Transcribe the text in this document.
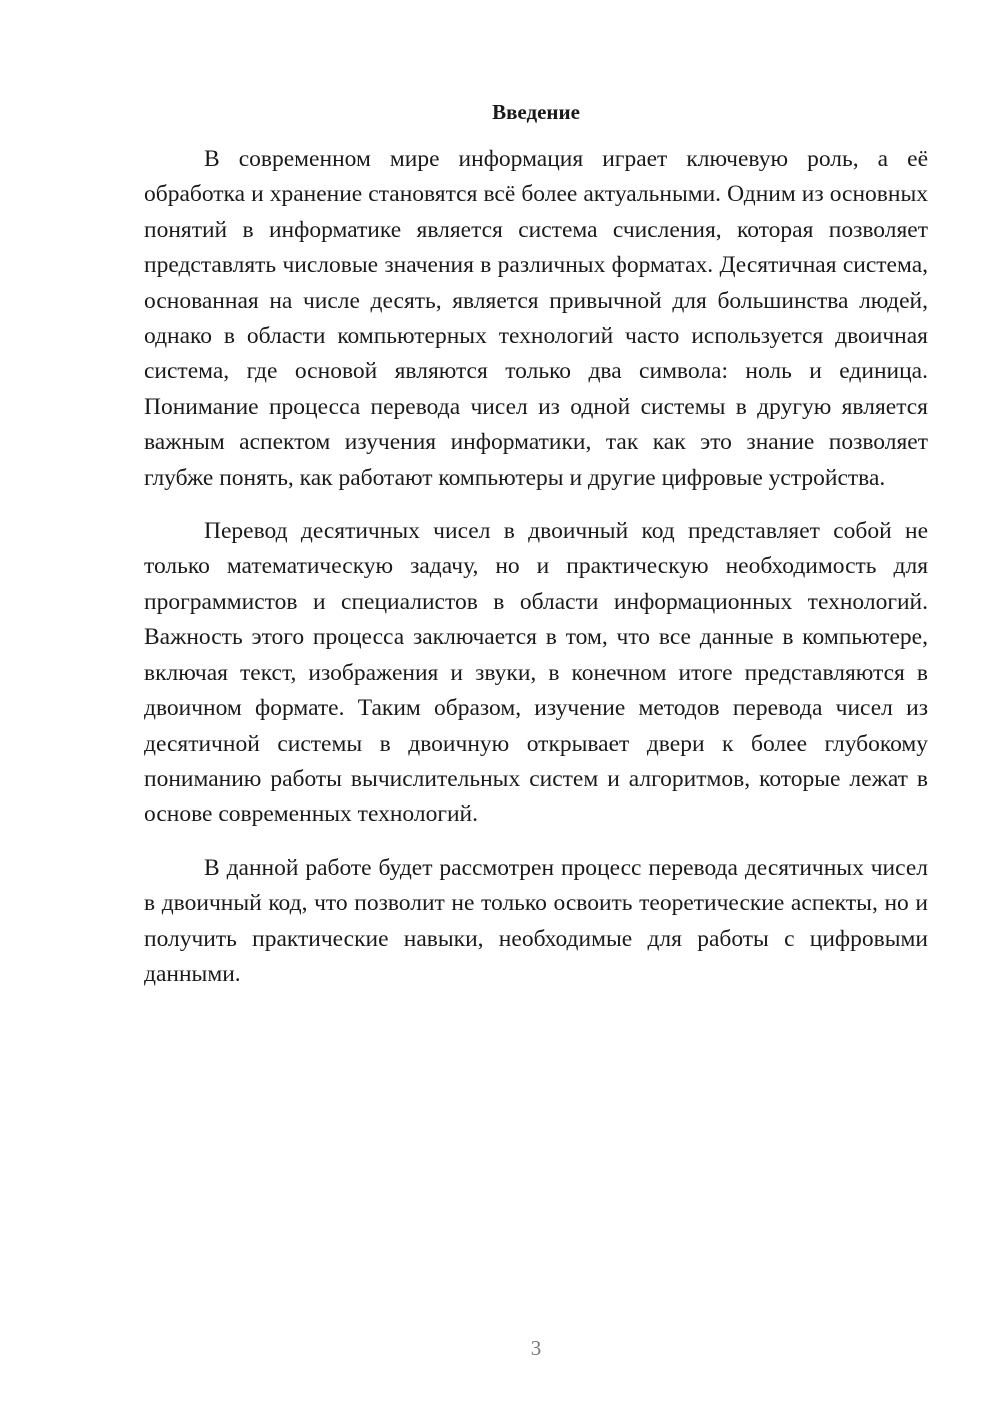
Введение

В современном мире информация играет ключевую роль, а её обработка и хранение становятся всё более актуальными. Одним из основных понятий в информатике является система счисления, которая позволяет представлять числовые значения в различных форматах. Десятичная система, основанная на числе десять, является привычной для большинства людей, однако в области компьютерных технологий часто используется двоичная система, где основой являются только два символа: ноль и единица. Понимание процесса перевода чисел из одной системы в другую является важным аспектом изучения информатики, так как это знание позволяет глубже понять, как работают компьютеры и другие цифровые устройства.

Перевод десятичных чисел в двоичный код представляет собой не только математическую задачу, но и практическую необходимость для программистов и специалистов в области информационных технологий. Важность этого процесса заключается в том, что все данные в компьютере, включая текст, изображения и звуки, в конечном итоге представляются в двоичном формате. Таким образом, изучение методов перевода чисел из десятичной системы в двоичную открывает двери к более глубокому пониманию работы вычислительных систем и алгоритмов, которые лежат в основе современных технологий.

В данной работе будет рассмотрен процесс перевода десятичных чисел в двоичный код, что позволит не только освоить теоретические аспекты, но и получить практические навыки, необходимые для работы с цифровыми данными.

3
